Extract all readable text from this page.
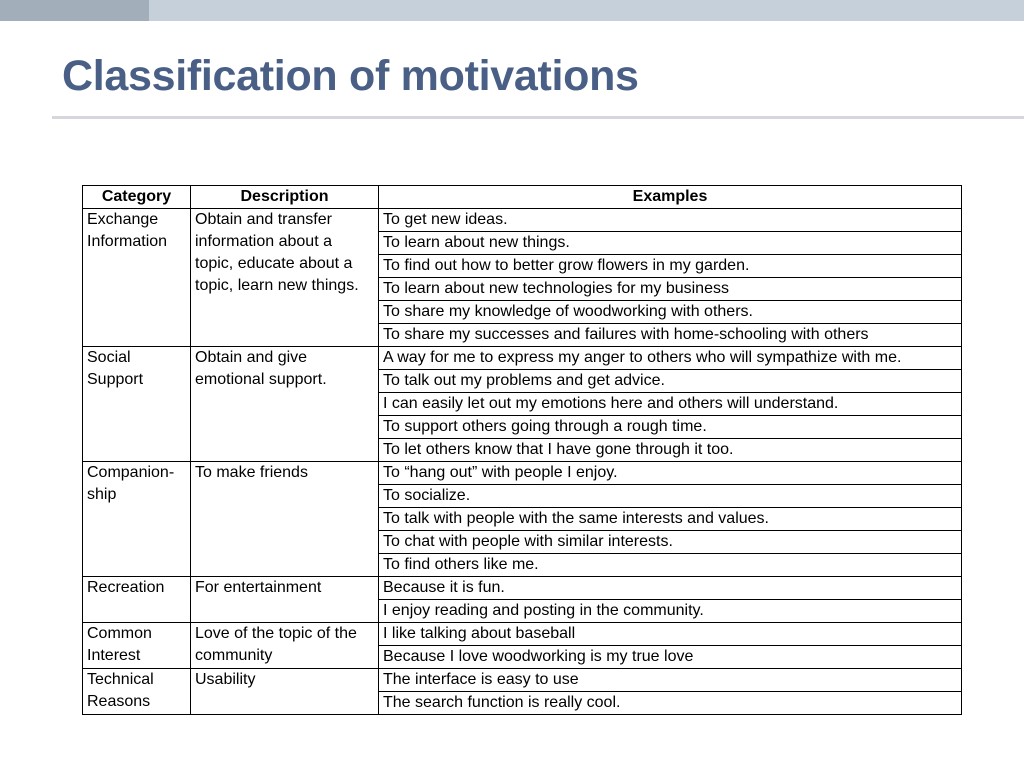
Classification of motivations
Category	Description	Examples
Exchange Information	Obtain and transfer information about a topic, educate about a topic, learn new things.	To get new ideas.
		To learn about new things.
		To find out how to better grow flowers in my garden.
		To learn about new technologies for my business
		To share my knowledge of woodworking with others.
		To share my successes and failures with home-schooling with others
Social Support	Obtain and give emotional support.	A way for me to express my anger to others who will sympathize with me.
		To talk out my problems and get advice.
		I can easily let out my emotions here and others will understand.
		To support others going through a rough time.
		To let others know that I have gone through it too.
Companion-ship	To make friends	To “hang out” with people I enjoy.
		To socialize.
		To talk with people with the same interests and values.
		To chat with people with similar interests.
		To find others like me.
Recreation	For entertainment	Because it is fun.
		I enjoy reading and posting in the community.
Common Interest	Love of the topic of the community	I like talking about baseball
		Because I love woodworking is my true love
Technical Reasons	Usability	The interface is easy to use
		The search function is really cool.
